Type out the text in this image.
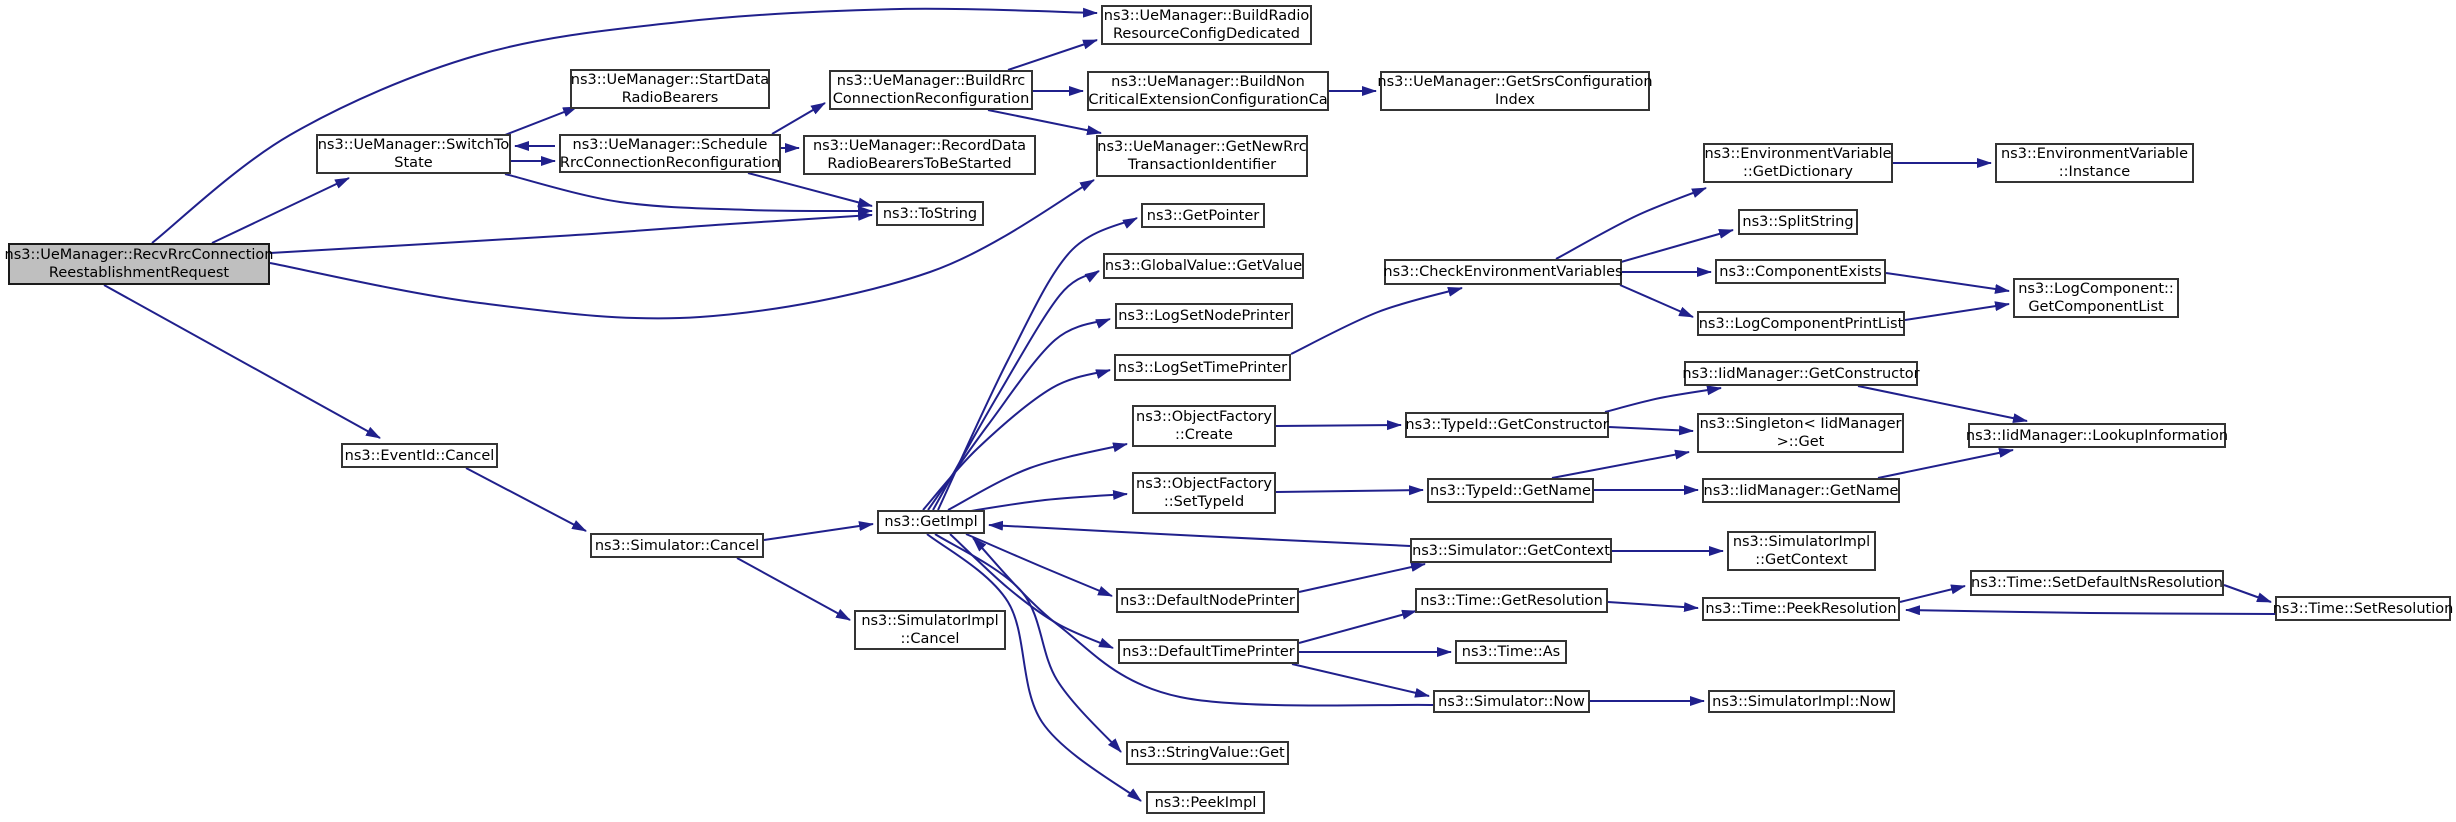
ns3::UeManager::RecvRrcConnection
ReestablishmentRequest
ns3::UeManager::SwitchTo
State
ns3::UeManager::StartData
RadioBearers
ns3::UeManager::Schedule
RrcConnectionReconfiguration
ns3::UeManager::BuildRrc
ConnectionReconfiguration
ns3::UeManager::BuildRadio
ResourceConfigDedicated
ns3::UeManager::BuildNon
CriticalExtensionConfigurationCa
ns3::UeManager::GetSrsConfiguration
Index
ns3::UeManager::RecordData
RadioBearersToBeStarted
ns3::UeManager::GetNewRrc
TransactionIdentifier
ns3::ToString	ns3::GetPointer
ns3::GlobalValue::GetValue
ns3::LogSetNodePrinter
ns3::LogSetTimePrinter
ns3::ObjectFactory
::Create
ns3::ObjectFactory
::SetTypeId
ns3::TypeId::GetConstructor
ns3::TypeId::GetName
ns3::CheckEnvironmentVariables
ns3::EnvironmentVariable
::GetDictionary
ns3::EnvironmentVariable
::Instance
ns3::SplitString
ns3::ComponentExists
ns3::LogComponent::
GetComponentList
ns3::LogComponentPrintList
ns3::IidManager::GetConstructor
ns3::Singleton< IidManager
>::Get	ns3::IidManager::LookupInformation
ns3::IidManager::GetName
ns3::GetImpl
ns3::Simulator::GetContext
ns3::SimulatorImpl
::GetContext
ns3::DefaultNodePrinter	ns3::Time::GetResolution
ns3::DefaultTimePrinter	ns3::Time::As
ns3::Simulator::Now	ns3::SimulatorImpl::Now
ns3::StringValue::Get
ns3::PeekImpl
ns3::EventId::Cancel
ns3::Simulator::Cancel
ns3::SimulatorImpl
::Cancel
ns3::Time::PeekResolution
ns3::Time::SetDefaultNsResolution
ns3::Time::SetResolution
